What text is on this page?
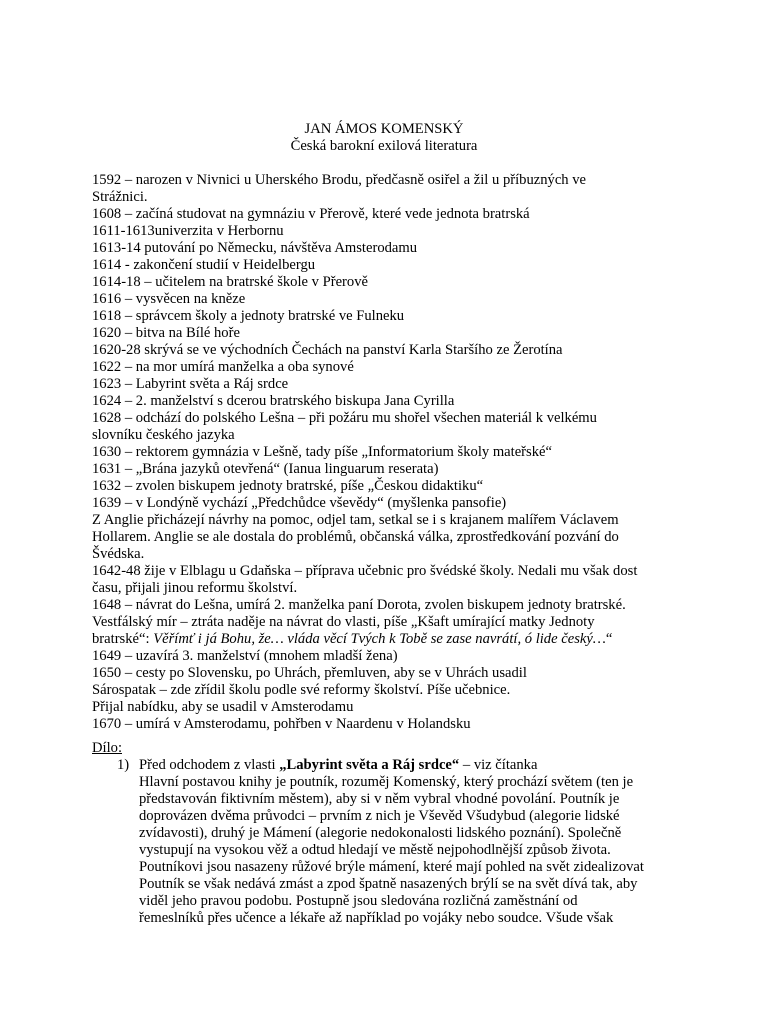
JAN ÁMOS KOMENSKÝ
Česká barokní exilová literatura
1592 – narozen v Nivnici u Uherského Brodu, předčasně osiřel a žil u příbuzných ve
Strážnici.
1608 – začíná studovat na gymnáziu v Přerově, které vede jednota bratrská
1611-1613univerzita v Herbornu
1613-14 putování po Německu, návštěva Amsterodamu
1614 - zakončení studií v Heidelbergu
1614-18 – učitelem na bratrské škole v Přerově
1616 – vysvěcen na kněze
1618 – správcem školy a jednoty bratrské ve Fulneku
1620 – bitva na Bílé hoře
1620-28 skrývá se ve východních Čechách na panství Karla Staršího ze Žerotína
1622 – na mor umírá manželka a oba synové
1623 – Labyrint světa a Ráj srdce
1624 – 2. manželství s dcerou bratrského biskupa Jana Cyrilla
1628 – odchází do polského Lešna – při požáru mu shořel všechen materiál k velkému
slovníku českého jazyka
1630 – rektorem gymnázia v Lešně, tady píše „Informatorium školy mateřské“
1631 – „Brána jazyků otevřená“ (Ianua linguarum reserata)
1632 – zvolen biskupem jednoty bratrské, píše „Českou didaktiku“
1639 – v Londýně vychází „Předchůdce vševědy“ (myšlenka pansofie)
Z Anglie přicházejí návrhy na pomoc, odjel tam, setkal se i s krajanem malířem Václavem
Hollarem. Anglie se ale dostala do problémů, občanská válka, zprostředkování pozvání do
Švédska.
1642-48 žije v Elblagu u Gdaňska – příprava učebnic pro švédské školy. Nedali mu však dost
času, přijali jinou reformu školství.
1648 – návrat do Lešna, umírá 2. manželka paní Dorota, zvolen biskupem jednoty bratrské.
Vestfálský mír – ztráta naděje na návrat do vlasti, píše „Kšaft umírající matky Jednoty
bratrské“: Věřímť i já Bohu, že… vláda věcí Tvých k Tobě se zase navrátí, ó lide český…“
1649 – uzavírá 3. manželství (mnohem mladší žena)
1650 – cesty po Slovensku, po Uhrách, přemluven, aby se v Uhrách usadil
Sárospatak – zde zřídil školu podle své reformy školství. Píše učebnice.
Přijal nabídku, aby se usadil v Amsterodamu
1670 – umírá v Amsterodamu, pohřben v Naardenu v Holandsku
Dílo:
1) Před odchodem z vlasti „Labyrint světa a Ráj srdce“ – viz čítanka
Hlavní postavou knihy je poutník, rozuměj Komenský, který prochází světem (ten je
představován fiktivním městem), aby si v něm vybral vhodné povolání. Poutník je
doprovázen dvěma průvodci – prvním z nich je Vševěd Všudybud (alegorie lidské
zvídavosti), druhý je Mámení (alegorie nedokonalosti lidského poznání). Společně
vystupují na vysokou věž a odtud hledají ve městě nejpohodlnější způsob života.
Poutníkovi jsou nasazeny růžové brýle mámení, které mají pohled na svět zidealizovat
Poutník se však nedává zmást a zpod špatně nasazených brýlí se na svět dívá tak, aby
viděl jeho pravou podobu. Postupně jsou sledována rozličná zaměstnání od
řemeslníků přes učence a lékaře až například po vojáky nebo soudce. Všude však
